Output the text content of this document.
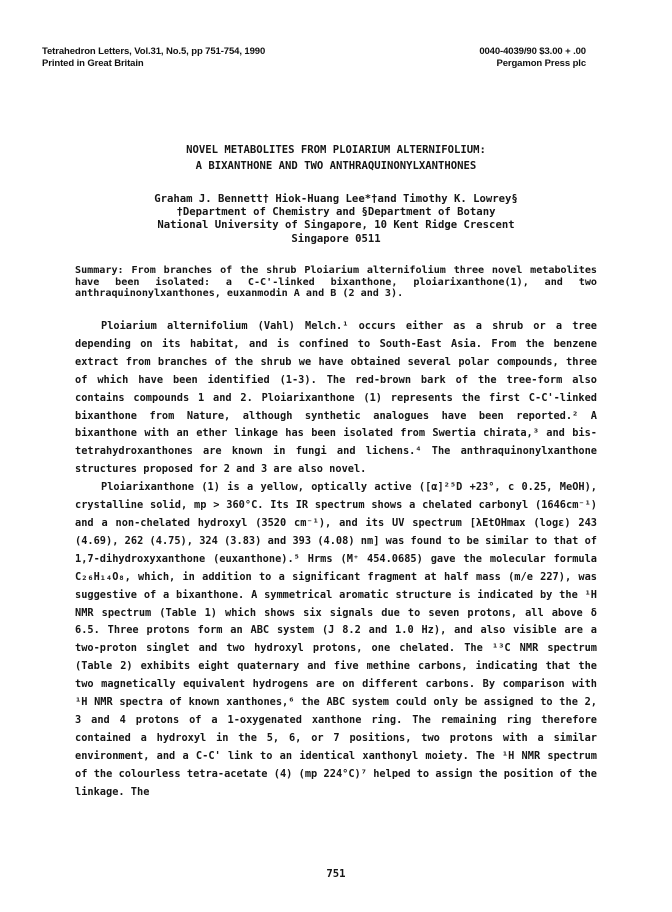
Tetrahedron Letters, Vol.31, No.5, pp 751-754, 1990
Printed in Great Britain
0040-4039/90 $3.00 + .00
Pergamon Press plc
NOVEL METABOLITES FROM PLOIARIUM ALTERNIFOLIUM:
A BIXANTHONE AND TWO ANTHRAQUINONYLXANTHONES
Graham J. Bennett† Hiok-Huang Lee*†and Timothy K. Lowrey§
†Department of Chemistry and §Department of Botany
National University of Singapore, 10 Kent Ridge Crescent
Singapore 0511

Summary: From branches of the shrub Ploiarium alternifolium three novel metabolites have been isolated: a C-C'-linked bixanthone, ploiarixanthone(1), and two anthraquinonylxanthones, euxanmodin A and B (2 and 3).

Ploiarium alternifolium (Vahl) Melch.¹ occurs either as a shrub or a tree depending on its habitat, and is confined to South-East Asia. From the benzene extract from branches of the shrub we have obtained several polar compounds, three of which have been identified (1-3). The red-brown bark of the tree-form also contains compounds 1 and 2. Ploiarixanthone (1) represents the first C-C'-linked bixanthone from Nature, although synthetic analogues have been reported.² A bixanthone with an ether linkage has been isolated from Swertia chirata,³ and bis-tetrahydroxanthones are known in fungi and lichens.⁴ The anthraquinonylxanthone structures proposed for 2 and 3 are also novel.

Ploiarixanthone (1) is a yellow, optically active ([α]²⁵D +23°, c 0.25, MeOH), crystalline solid, mp > 360°C. Its IR spectrum shows a chelated carbonyl (1646cm⁻¹) and a non-chelated hydroxyl (3520 cm⁻¹), and its UV spectrum [λEtOHmax (logε) 243 (4.69), 262 (4.75), 324 (3.83) and 393 (4.08) nm] was found to be similar to that of 1,7-dihydroxyxanthone (euxanthone).⁵ Hrms (M⁺ 454.0685) gave the molecular formula C₂₆H₁₄O₈, which, in addition to a significant fragment at half mass (m/e 227), was suggestive of a bixanthone. A symmetrical aromatic structure is indicated by the ¹H NMR spectrum (Table 1) which shows six signals due to seven protons, all above δ 6.5. Three protons form an ABC system (J 8.2 and 1.0 Hz), and also visible are a two-proton singlet and two hydroxyl protons, one chelated. The ¹³C NMR spectrum (Table 2) exhibits eight quaternary and five methine carbons, indicating that the two magnetically equivalent hydrogens are on different carbons. By comparison with ¹H NMR spectra of known xanthones,⁶ the ABC system could only be assigned to the 2, 3 and 4 protons of a 1-oxygenated xanthone ring. The remaining ring therefore contained a hydroxyl in the 5, 6, or 7 positions, two protons with a similar environment, and a C-C' link to an identical xanthonyl moiety. The ¹H NMR spectrum of the colourless tetra-acetate (4) (mp 224°C)⁷ helped to assign the position of the linkage. The

751
